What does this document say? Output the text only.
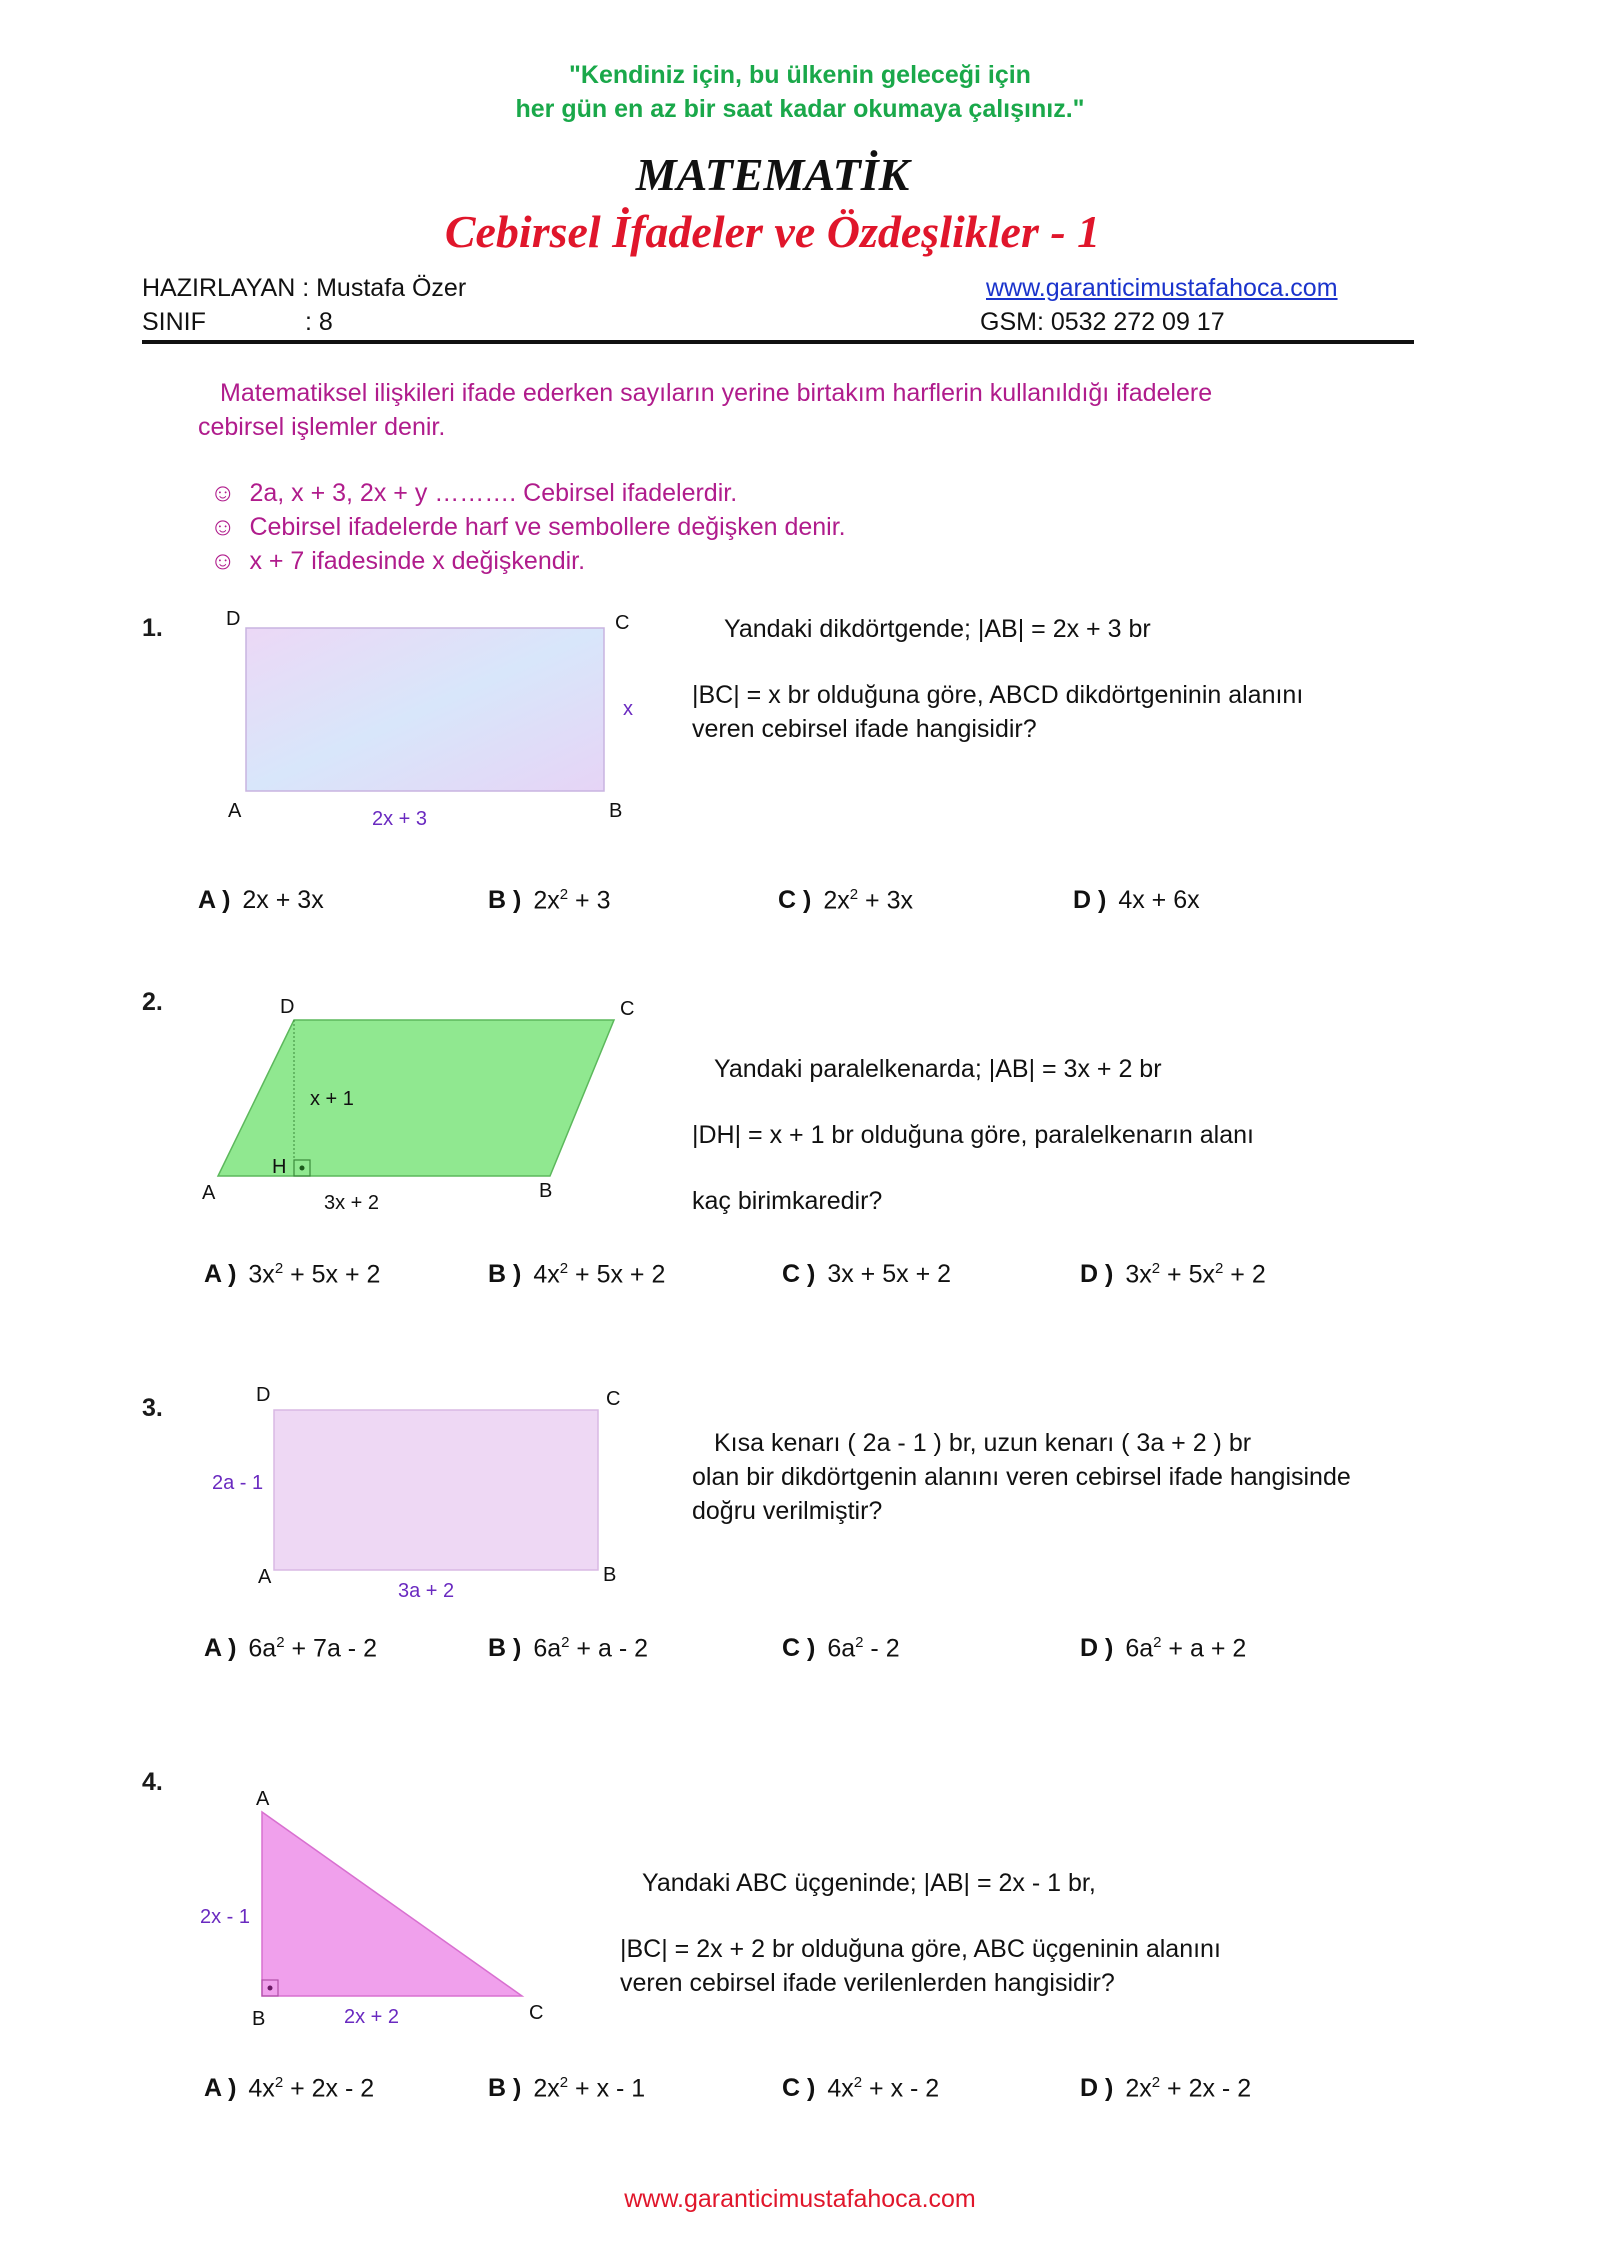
"Kendiniz için, bu ülkenin geleceği için
her gün en az bir saat kadar okumaya çalışınız."
MATEMATİK
Cebirsel İfadeler ve Özdeşlikler - 1
HAZIRLAYAN : Mustafa Özer
SINIF	: 8
www.garanticimustafahoca.com
GSM: 0532 272 09 17
Matematiksel ilişkileri ifade ederken sayıların yerine birtakım harflerin kullanıldığı ifadelere
cebirsel işlemler denir.
☺ 2a, x + 3, 2x + y ………. Cebirsel ifadelerdir.
☺ Cebirsel ifadelerde harf ve sembollere değişken denir.
☺ x + 7 ifadesinde x değişkendir.
1.	D	C
A	B
x
2x + 3
Yandaki dikdörtgende; |AB| = 2x + 3 br
|BC| = x br olduğuna göre, ABCD dikdörtgeninin alanını
veren cebirsel ifade hangisidir?
A ) 2x + 3x	B ) $2x^2 + 3$	C ) $2x^2 + 3x$	D ) 4x + 6x
2.	D	C
A	B
H
x + 1
3x + 2
Yandaki paralelkenarda; |AB| = 3x + 2 br
|DH| = x + 1 br olduğuna göre, paralelkenarın alanı
kaç birimkaredir?
A ) $3x^2 + 5x + 2$	B ) $4x^2 + 5x + 2$	C ) 3x + 5x + 2	D ) $3x^2 + 5x^2 + 2$
3.	D	C
A	B
2a - 1
3a + 2
Kısa kenarı ( 2a - 1 ) br, uzun kenarı ( 3a + 2 ) br
olan bir dikdörtgenin alanını veren cebirsel ifade hangisinde
doğru verilmiştir?
A ) $6a^2 + 7a - 2$	B ) $6a^2 + a - 2$	C ) $6a^2 - 2$	D ) $6a^2 + a + 2$
4.
A
B	C
2x - 1
2x + 2
Yandaki ABC üçgeninde; |AB| = 2x - 1 br,
|BC| = 2x + 2 br olduğuna göre, ABC üçgeninin alanını
veren cebirsel ifade verilenlerden hangisidir?
A ) $4x^2 + 2x - 2$	B ) $2x^2 + x - 1$	C ) $4x^2 + x - 2$	D ) $2x^2 + 2x - 2$
www.garanticimustafahoca.com
